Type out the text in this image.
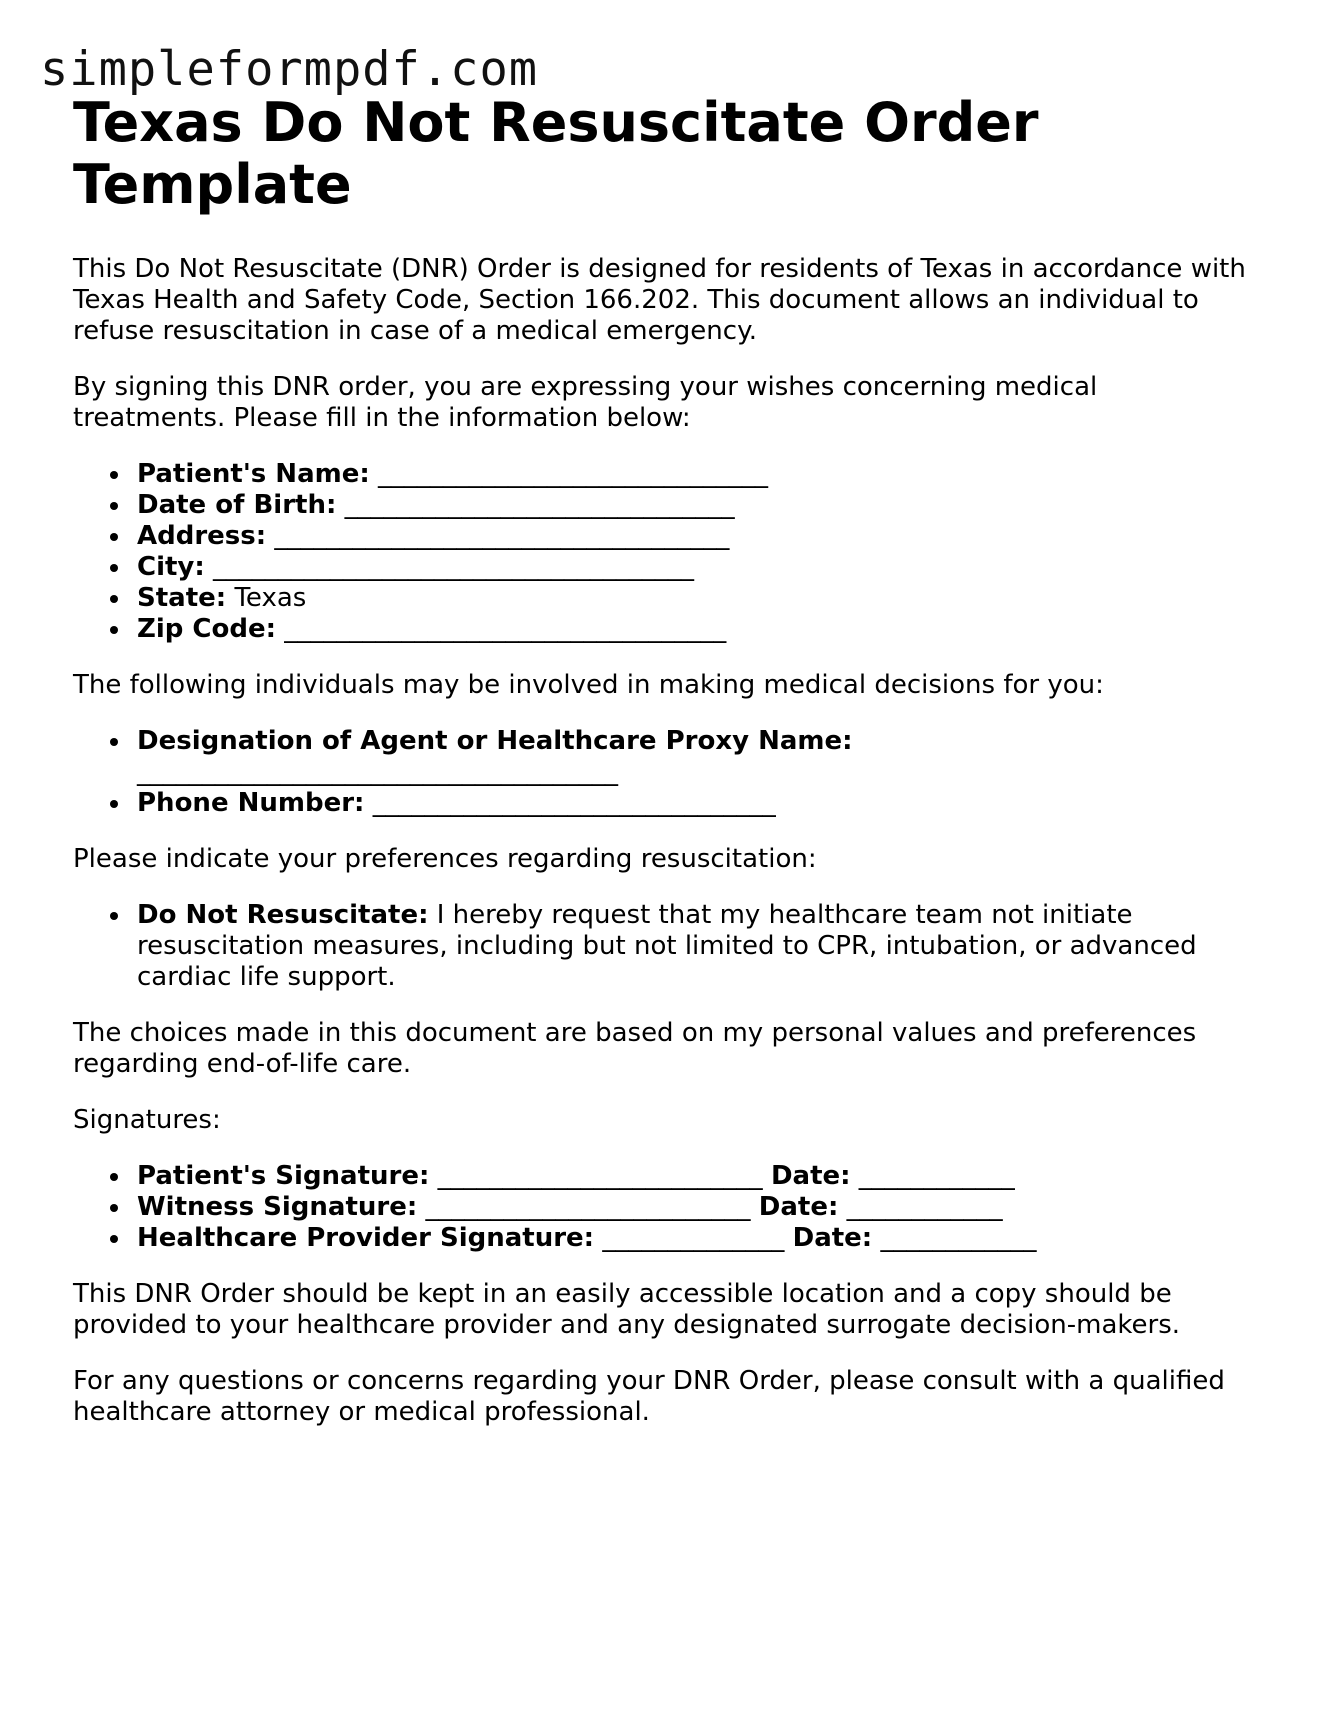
simpleformpdf.com
Texas Do Not Resuscitate Order Template

This Do Not Resuscitate (DNR) Order is designed for residents of Texas in accordance with Texas Health and Safety Code, Section 166.202. This document allows an individual to refuse resuscitation in case of a medical emergency.

By signing this DNR order, you are expressing your wishes concerning medical treatments. Please fill in the information below:

Patient's Name: ______________________________
Date of Birth: ______________________________
Address: ___________________________________
City: _____________________________________
State: Texas
Zip Code: __________________________________

The following individuals may be involved in making medical decisions for you:

Designation of Agent or Healthcare Proxy Name:
_____________________________________
Phone Number: _______________________________

Please indicate your preferences regarding resuscitation:

Do Not Resuscitate: I hereby request that my healthcare team not initiate resuscitation measures, including but not limited to CPR, intubation, or advanced cardiac life support.

The choices made in this document are based on my personal values and preferences regarding end-of-life care.

Signatures:

Patient's Signature: _________________________ Date: ____________
Witness Signature: _________________________ Date: ____________
Healthcare Provider Signature: ______________ Date: ____________

This DNR Order should be kept in an easily accessible location and a copy should be provided to your healthcare provider and any designated surrogate decision-makers.

For any questions or concerns regarding your DNR Order, please consult with a qualified healthcare attorney or medical professional.
